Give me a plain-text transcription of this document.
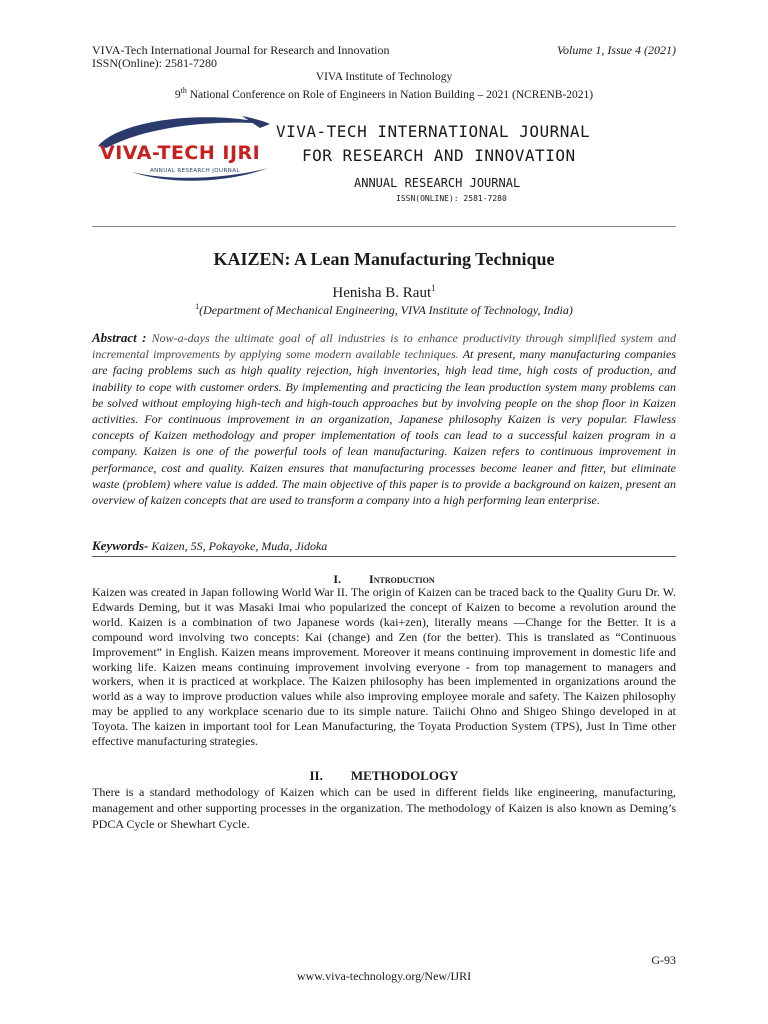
VIVA-Tech International Journal for Research and Innovation
ISSN(Online): 2581-7280
Volume 1, Issue 4 (2021)
VIVA Institute of Technology
9th National Conference on Role of Engineers in Nation Building – 2021 (NCRENB-2021)
VIVA-TECH IJRI
ANNUAL RESEARCH JOURNAL
VIVA-TECH INTERNATIONAL JOURNAL
FOR RESEARCH AND INNOVATION
ANNUAL RESEARCH JOURNAL
ISSN(ONLINE): 2581-7280
KAIZEN: A Lean Manufacturing Technique
Henisha B. Raut$^1$
$^1$(Department of Mechanical Engineering, VIVA Institute of Technology, India)
Abstract : Now-a-days the ultimate goal of all industries is to enhance productivity through simplified system and incremental improvements by applying some modern available techniques. At present, many manufacturing companies are facing problems such as high quality rejection, high inventories, high lead time, high costs of production, and inability to cope with customer orders. By implementing and practicing the lean production system many problems can be solved without employing high-tech and high-touch approaches but by involving people on the shop floor in Kaizen activities. For continuous improvement in an organization, Japanese philosophy Kaizen is very popular. Flawless concepts of Kaizen methodology and proper implementation of tools can lead to a successful kaizen program in a company. Kaizen is one of the powerful tools of lean manufacturing. Kaizen refers to continuous improvement in performance, cost and quality. Kaizen ensures that manufacturing processes become leaner and fitter, but eliminate waste (problem) where value is added. The main objective of this paper is to provide a background on kaizen, present an overview of kaizen concepts that are used to transform a company into a high performing lean enterprise.
Keywords- Kaizen, 5S, Pokayoke, Muda, Jidoka
I. Introduction
Kaizen was created in Japan following World War II. The origin of Kaizen can be traced back to the Quality Guru Dr. W. Edwards Deming, but it was Masaki Imai who popularized the concept of Kaizen to become a revolution around the world. Kaizen is a combination of two Japanese words (kai+zen), literally means —Change for the Better. It is a compound word involving two concepts: Kai (change) and Zen (for the better). This is translated as “Continuous Improvement” in English. Kaizen means improvement. Moreover it means continuing improvement in domestic life and working life. Kaizen means continuing improvement involving everyone - from top management to managers and workers, when it is practiced at workplace. The Kaizen philosophy has been implemented in organizations around the world as a way to improve production values while also improving employee morale and safety. The Kaizen philosophy may be applied to any workplace scenario due to its simple nature. Taiichi Ohno and Shigeo Shingo developed in at Toyota. The kaizen in important tool for Lean Manufacturing, the Toyata Production System (TPS), Just In Time other effective manufacturing strategies.
II. METHODOLOGY
There is a standard methodology of Kaizen which can be used in different fields like engineering, manufacturing, management and other supporting processes in the organization. The methodology of Kaizen is also known as Deming’s PDCA Cycle or Shewhart Cycle.
G-93
www.viva-technology.org/New/IJRI
